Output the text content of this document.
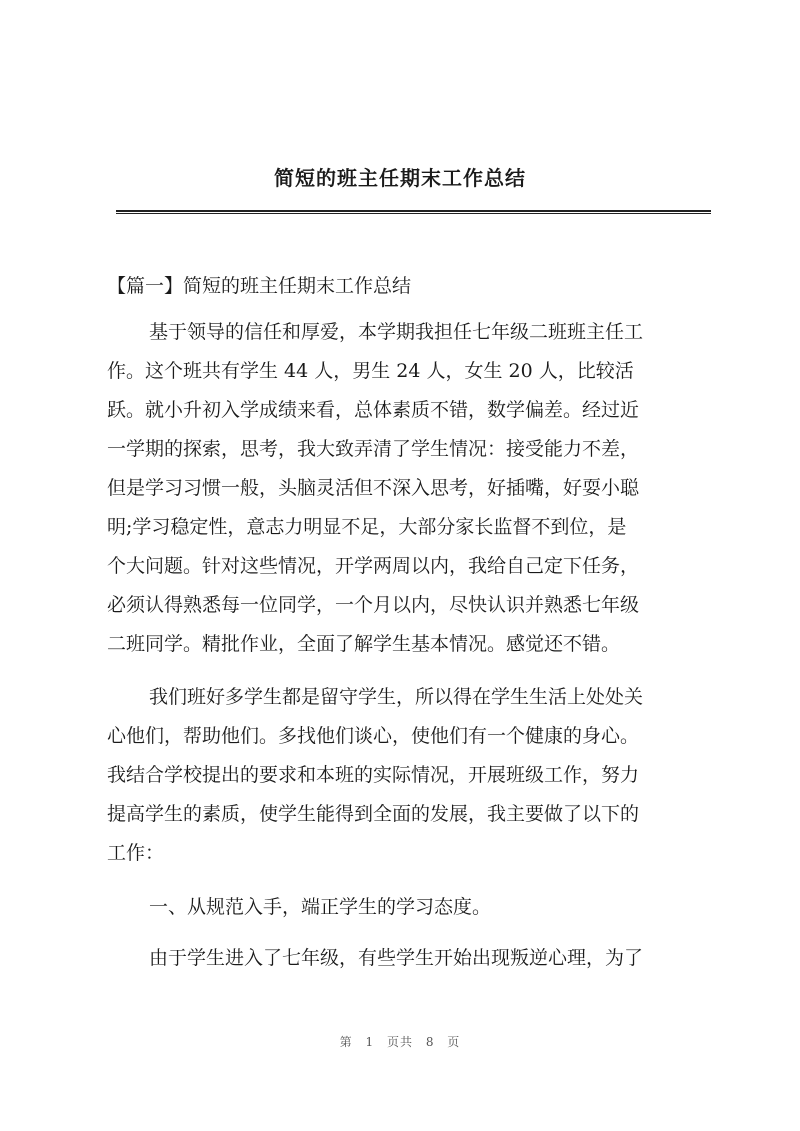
简短的班主任期末工作总结
【篇一】简短的班主任期末工作总结
基于领导的信任和厚爱，本学期我担任七年级二班班主任工
作。这个班共有学生 44 人，男生 24 人，女生 20 人，比较活
跃。就小升初入学成绩来看，总体素质不错，数学偏差。经过近
一学期的探索，思考，我大致弄清了学生情况：接受能力不差，
但是学习习惯一般，头脑灵活但不深入思考，好插嘴，好耍小聪
明;学习稳定性，意志力明显不足，大部分家长监督不到位，是
个大问题。针对这些情况，开学两周以内，我给自己定下任务，
必须认得熟悉每一位同学，一个月以内，尽快认识并熟悉七年级
二班同学。精批作业，全面了解学生基本情况。感觉还不错。
我们班好多学生都是留守学生，所以得在学生生活上处处关
心他们，帮助他们。多找他们谈心，使他们有一个健康的身心。
我结合学校提出的要求和本班的实际情况，开展班级工作，努力
提高学生的素质，使学生能得到全面的发展，我主要做了以下的
工作：
一、从规范入手，端正学生的学习态度。
由于学生进入了七年级，有些学生开始出现叛逆心理，为了
第 1 页共 8 页
